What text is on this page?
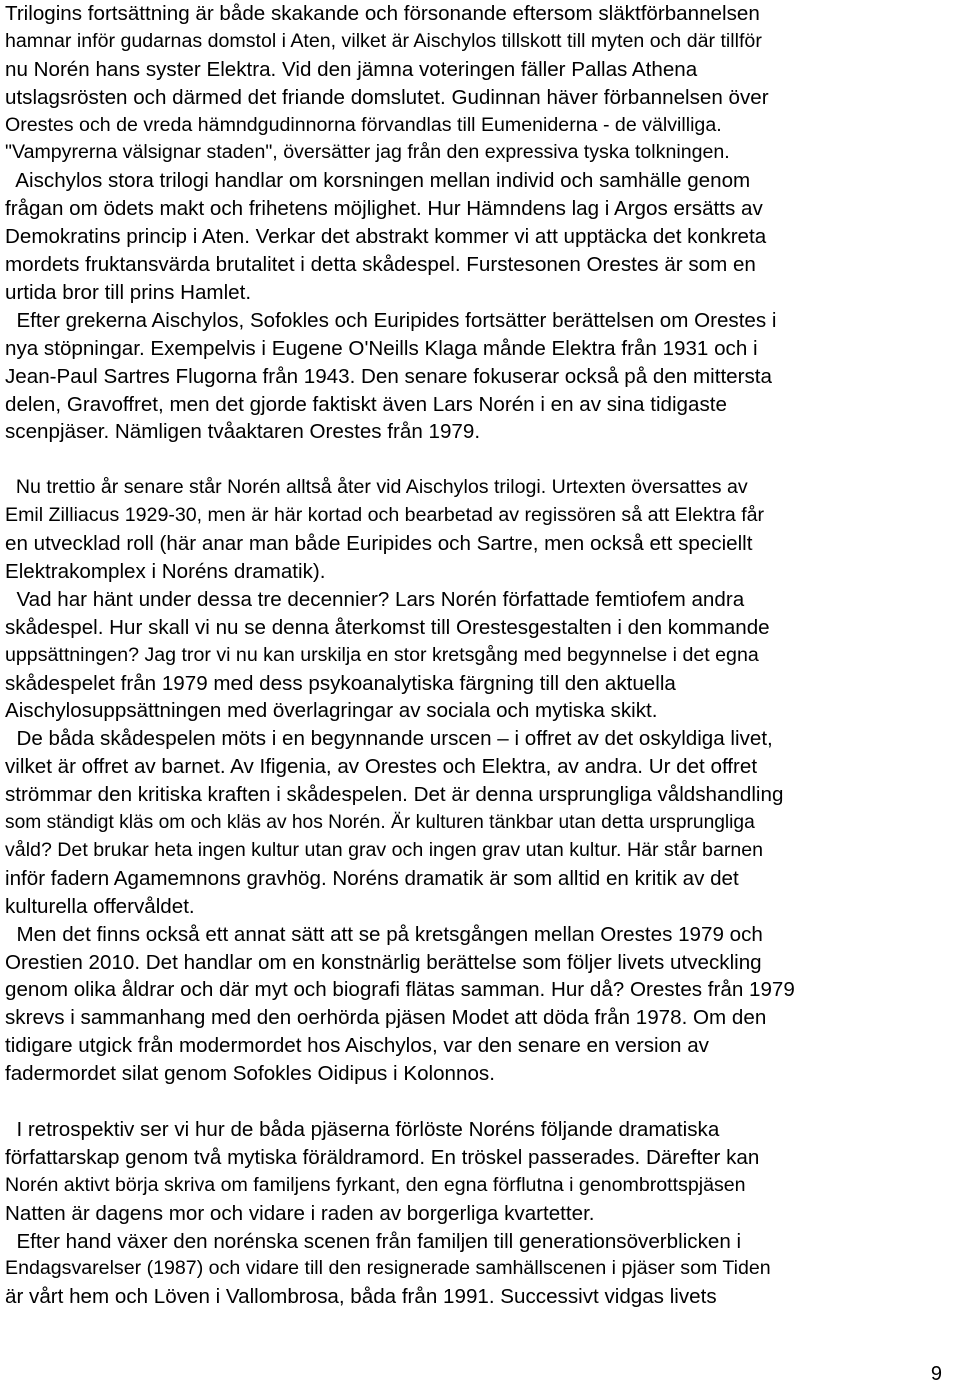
Trilogins fortsättning är både skakande och försonande eftersom släktförbannelsen
hamnar inför gudarnas domstol i Aten, vilket är Aischylos tillskott till myten och där tillför
nu Norén hans syster Elektra. Vid den jämna voteringen fäller Pallas Athena
utslagsrösten och därmed det friande domslutet. Gudinnan häver förbannelsen över
Orestes och de vreda hämndgudinnorna förvandlas till Eumeniderna - de välvilliga.
"Vampyrerna välsignar staden", översätter jag från den expressiva tyska tolkningen.
Aischylos stora trilogi handlar om korsningen mellan individ och samhälle genom
frågan om ödets makt och frihetens möjlighet. Hur Hämndens lag i Argos ersätts av
Demokratins princip i Aten. Verkar det abstrakt kommer vi att upptäcka det konkreta
mordets fruktansvärda brutalitet i detta skådespel. Furstesonen Orestes är som en
urtida bror till prins Hamlet.
Efter grekerna Aischylos, Sofokles och Euripides fortsätter berättelsen om Orestes i
nya stöpningar. Exempelvis i Eugene O'Neills Klaga månde Elektra från 1931 och i
Jean-Paul Sartres Flugorna från 1943. Den senare fokuserar också på den mittersta
delen, Gravoffret, men det gjorde faktiskt även Lars Norén i en av sina tidigaste
scenpjäser. Nämligen tvåaktaren Orestes från 1979.
Nu trettio år senare står Norén alltså åter vid Aischylos trilogi. Urtexten översattes av
Emil Zilliacus 1929-30, men är här kortad och bearbetad av regissören så att Elektra får
en utvecklad roll (här anar man både Euripides och Sartre, men också ett speciellt
Elektrakomplex i Noréns dramatik).
Vad har hänt under dessa tre decennier? Lars Norén författade femtiofem andra
skådespel. Hur skall vi nu se denna återkomst till Orestesgestalten i den kommande
uppsättningen? Jag tror vi nu kan urskilja en stor kretsgång med begynnelse i det egna
skådespelet från 1979 med dess psykoanalytiska färgning till den aktuella
Aischylosuppsättningen med överlagringar av sociala och mytiska skikt.
De båda skådespelen möts i en begynnande urscen – i offret av det oskyldiga livet,
vilket är offret av barnet. Av Ifigenia, av Orestes och Elektra, av andra. Ur det offret
strömmar den kritiska kraften i skådespelen. Det är denna ursprungliga våldshandling
som ständigt kläs om och kläs av hos Norén. Är kulturen tänkbar utan detta ursprungliga
våld? Det brukar heta ingen kultur utan grav och ingen grav utan kultur. Här står barnen
inför fadern Agamemnons gravhög. Noréns dramatik är som alltid en kritik av det
kulturella offervåldet.
Men det finns också ett annat sätt att se på kretsgången mellan Orestes 1979 och
Orestien 2010. Det handlar om en konstnärlig berättelse som följer livets utveckling
genom olika åldrar och där myt och biografi flätas samman. Hur då? Orestes från 1979
skrevs i sammanhang med den oerhörda pjäsen Modet att döda från 1978. Om den
tidigare utgick från modermordet hos Aischylos, var den senare en version av
fadermordet silat genom Sofokles Oidipus i Kolonnos.
I retrospektiv ser vi hur de båda pjäserna förlöste Noréns följande dramatiska
författarskap genom två mytiska föräldramord. En tröskel passerades. Därefter kan
Norén aktivt börja skriva om familjens fyrkant, den egna förflutna i genombrottspjäsen
Natten är dagens mor och vidare i raden av borgerliga kvartetter.
Efter hand växer den norénska scenen från familjen till generationsöverblicken i
Endagsvarelser (1987) och vidare till den resignerade samhällscenen i pjäser som Tiden
är vårt hem och Löven i Vallombrosa, båda från 1991. Successivt vidgas livets
9
